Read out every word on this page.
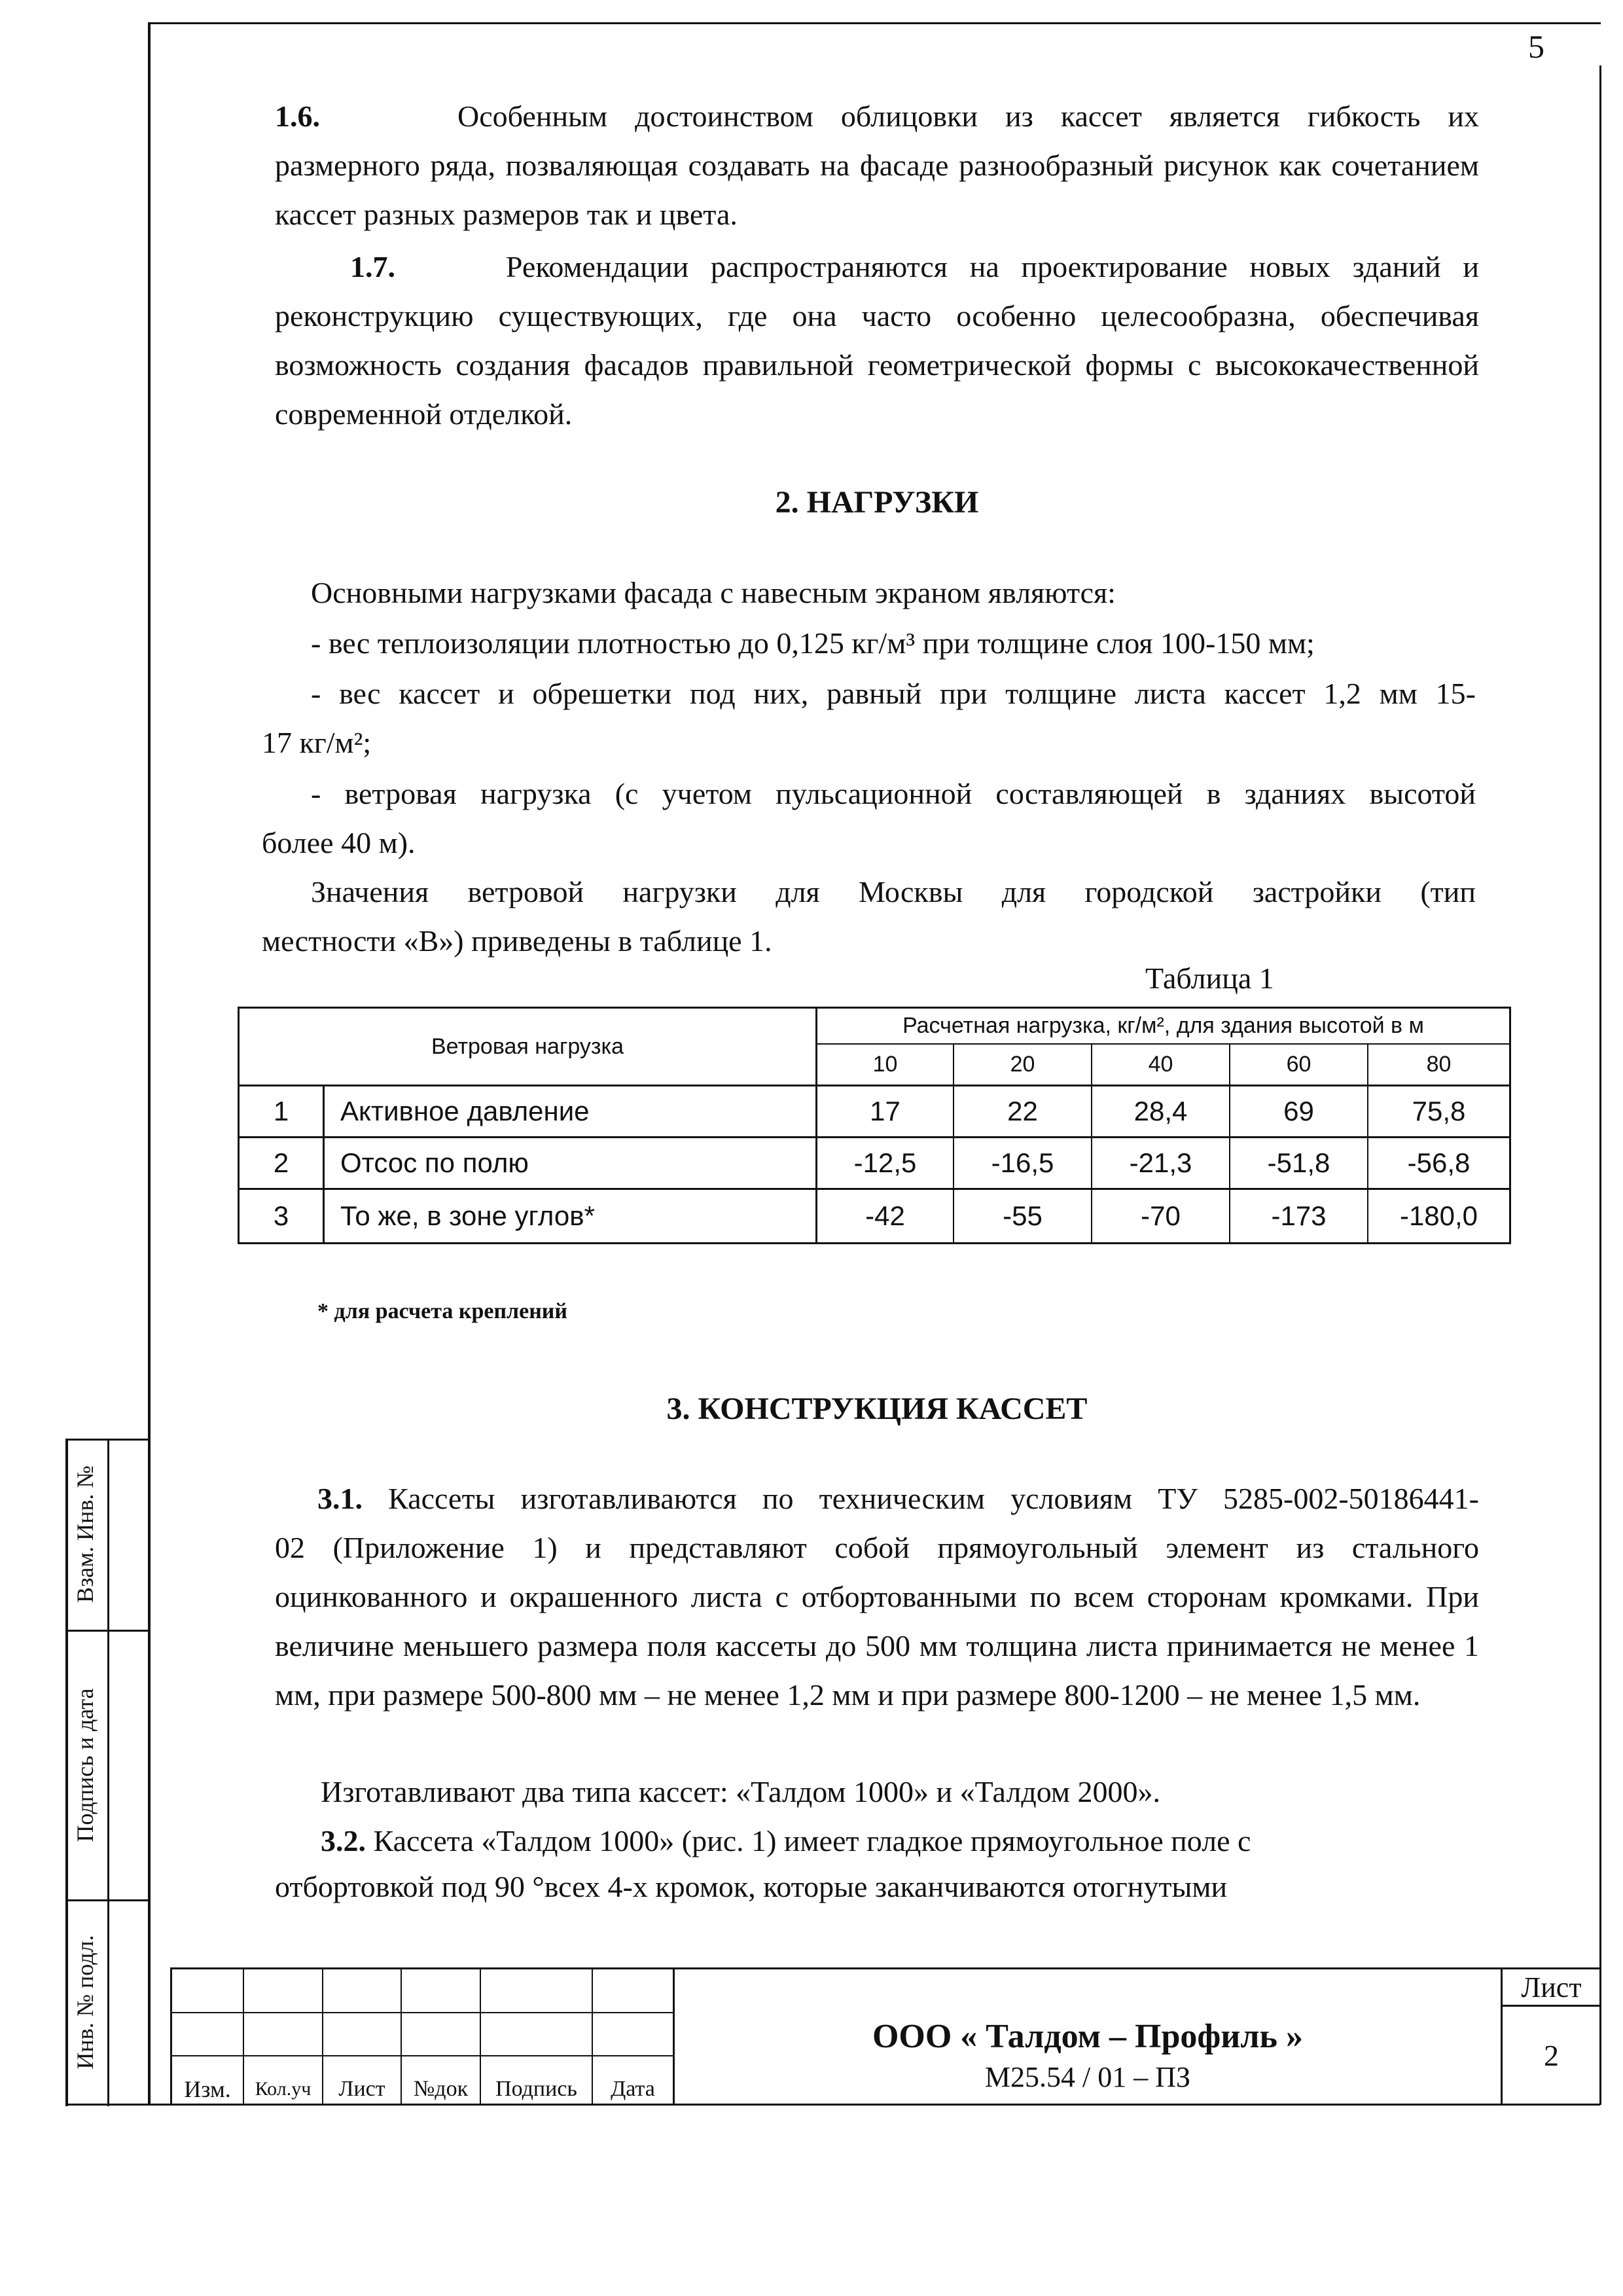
5
1.6.	Особенным достоинством облицовки из кассет является гибкость их
размерного ряда, позваляющая создавать на фасаде разнообразный рисунок как сочетанием кассет разных размеров так и цвета.
1.7.	Рекомендации распространяются на проектирование новых зданий и
реконструкцию существующих, где она часто особенно целесообразна, обеспечивая возможность создания фасадов правильной геометрической формы с высококачественной современной отделкой.
2. НАГРУЗКИ
Основными нагрузками фасада с навесным экраном являются:
- вес теплоизоляции плотностью до 0,125 кг/м³ при толщине слоя 100-150 мм;
- вес кассет и обрешетки под них, равный при толщине листа кассет 1,2 мм 15-
17 кг/м²;
- ветровая нагрузка (с учетом пульсационной составляющей в зданиях высотой
более 40 м).
Значения ветровой нагрузки для Москвы для городской застройки (тип
местности «В») приведены в таблице 1.
Таблица 1
Ветровая нагрузка
Расчетная нагрузка, кг/м², для здания высотой в м
10	20	40	60	80
1	Активное давление	17	22	28,4	69	75,8
2	Отсос по полю	-12,5	-16,5	-21,3	-51,8	-56,8
3	То же, в зоне углов*	-42	-55	-70	-173	-180,0
* для расчета креплений
3. КОНСТРУКЦИЯ КАССЕТ
3.1. Кассеты изготавливаются по техническим условиям ТУ 5285-002-50186441-
02 (Приложение 1) и представляют собой прямоугольный элемент из стального оцинкованного и окрашенного листа с отбортованными по всем сторонам кромками. При величине меньшего размера поля кассеты до 500 мм толщина листа принимается не менее 1 мм, при размере 500-800 мм – не менее 1,2 мм и при размере 800-1200 – не менее 1,5 мм.
Изготавливают два типа кассет: «Талдом 1000» и «Талдом 2000».
3.2. Кассета «Талдом 1000» (рис. 1) имеет гладкое прямоугольное поле с
отбортовкой под 90 °всех 4-х кромок, которые заканчиваются отогнутыми
Взам. Инв. №
Подпись и дата
Инв. № подл.
Изм.	Кол.уч	Лист	№док	Подпись	Дата
ООО « Талдом – Профиль »
М25.54 / 01 – ПЗ
Лист
2
